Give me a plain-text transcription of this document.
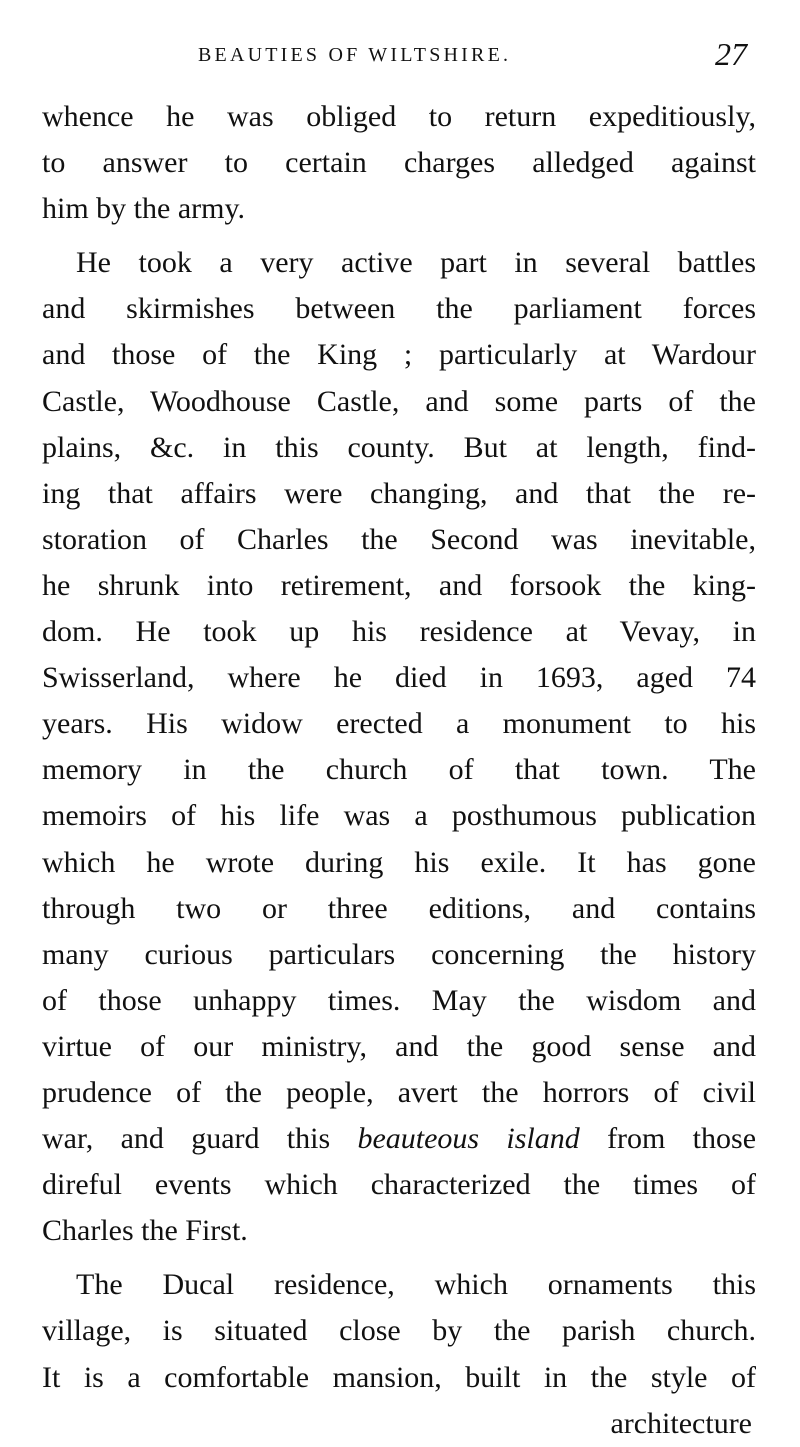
BEAUTIES OF WILTSHIRE.	27
whence he was obliged to return expeditiously,
to answer to certain charges alledged against
him by the army.
He took a very active part in several battles
and skirmishes between the parliament forces
and those of the King ; particularly at Wardour
Castle, Woodhouse Castle, and some parts of the
plains, &c. in this county. But at length, find-
ing that affairs were changing, and that the re-
storation of Charles the Second was inevitable,
he shrunk into retirement, and forsook the king-
dom. He took up his residence at Vevay, in
Swisserland, where he died in 1693, aged 74
years. His widow erected a monument to his
memory in the church of that town. The
memoirs of his life was a posthumous publication
which he wrote during his exile. It has gone
through two or three editions, and contains
many curious particulars concerning the history
of those unhappy times. May the wisdom and
virtue of our ministry, and the good sense and
prudence of the people, avert the horrors of civil
war, and guard this beauteous island from those
direful events which characterized the times of
Charles the First.
The Ducal residence, which ornaments this
village, is situated close by the parish church.
It is a comfortable mansion, built in the style of
architecture
